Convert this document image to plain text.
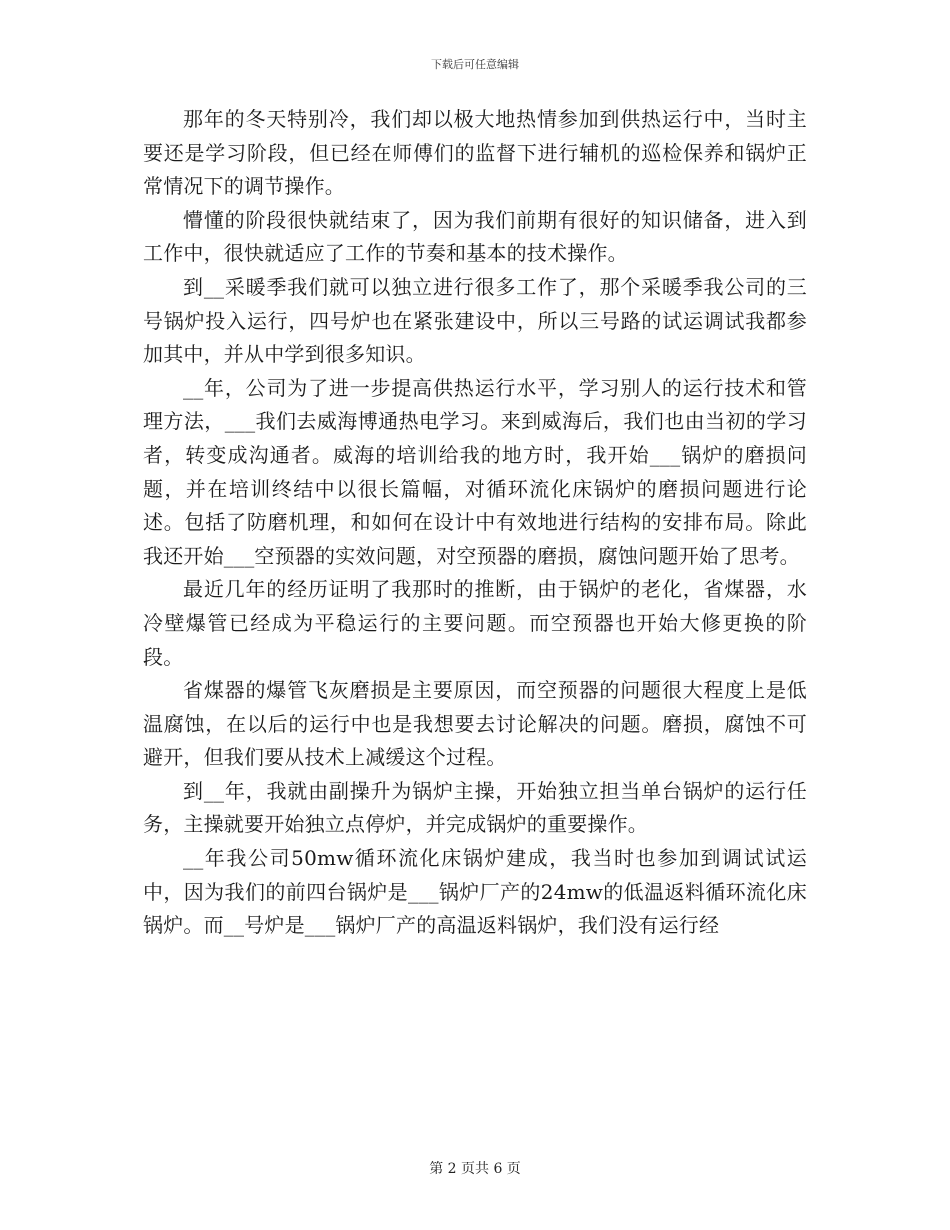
下载后可任意编辑

那年的冬天特别冷，我们却以极大地热情参加到供热运行中，当时主要还是学习阶段，但已经在师傅们的监督下进行辅机的巡检保养和锅炉正常情况下的调节操作。

懵懂的阶段很快就结束了，因为我们前期有很好的知识储备，进入到工作中，很快就适应了工作的节奏和基本的技术操作。

到__采暖季我们就可以独立进行很多工作了，那个采暖季我公司的三号锅炉投入运行，四号炉也在紧张建设中，所以三号路的试运调试我都参加其中，并从中学到很多知识。

__年，公司为了进一步提高供热运行水平，学习别人的运行技术和管理方法，___我们去威海博通热电学习。来到威海后，我们也由当初的学习者，转变成沟通者。威海的培训给我的地方时，我开始___锅炉的磨损问题，并在培训终结中以很长篇幅，对循环流化床锅炉的磨损问题进行论述。包括了防磨机理，和如何在设计中有效地进行结构的安排布局。除此我还开始___空预器的实效问题，对空预器的磨损，腐蚀问题开始了思考。

最近几年的经历证明了我那时的推断，由于锅炉的老化，省煤器，水冷壁爆管已经成为平稳运行的主要问题。而空预器也开始大修更换的阶段。

省煤器的爆管飞灰磨损是主要原因，而空预器的问题很大程度上是低温腐蚀，在以后的运行中也是我想要去讨论解决的问题。磨损，腐蚀不可避开，但我们要从技术上减缓这个过程。

到__年，我就由副操升为锅炉主操，开始独立担当单台锅炉的运行任务，主操就要开始独立点停炉，并完成锅炉的重要操作。

__年我公司50mw循环流化床锅炉建成，我当时也参加到调试试运中，因为我们的前四台锅炉是___锅炉厂产的24mw的低温返料循环流化床锅炉。而__号炉是___锅炉厂产的高温返料锅炉，我们没有运行经

第 2 页共 6 页
